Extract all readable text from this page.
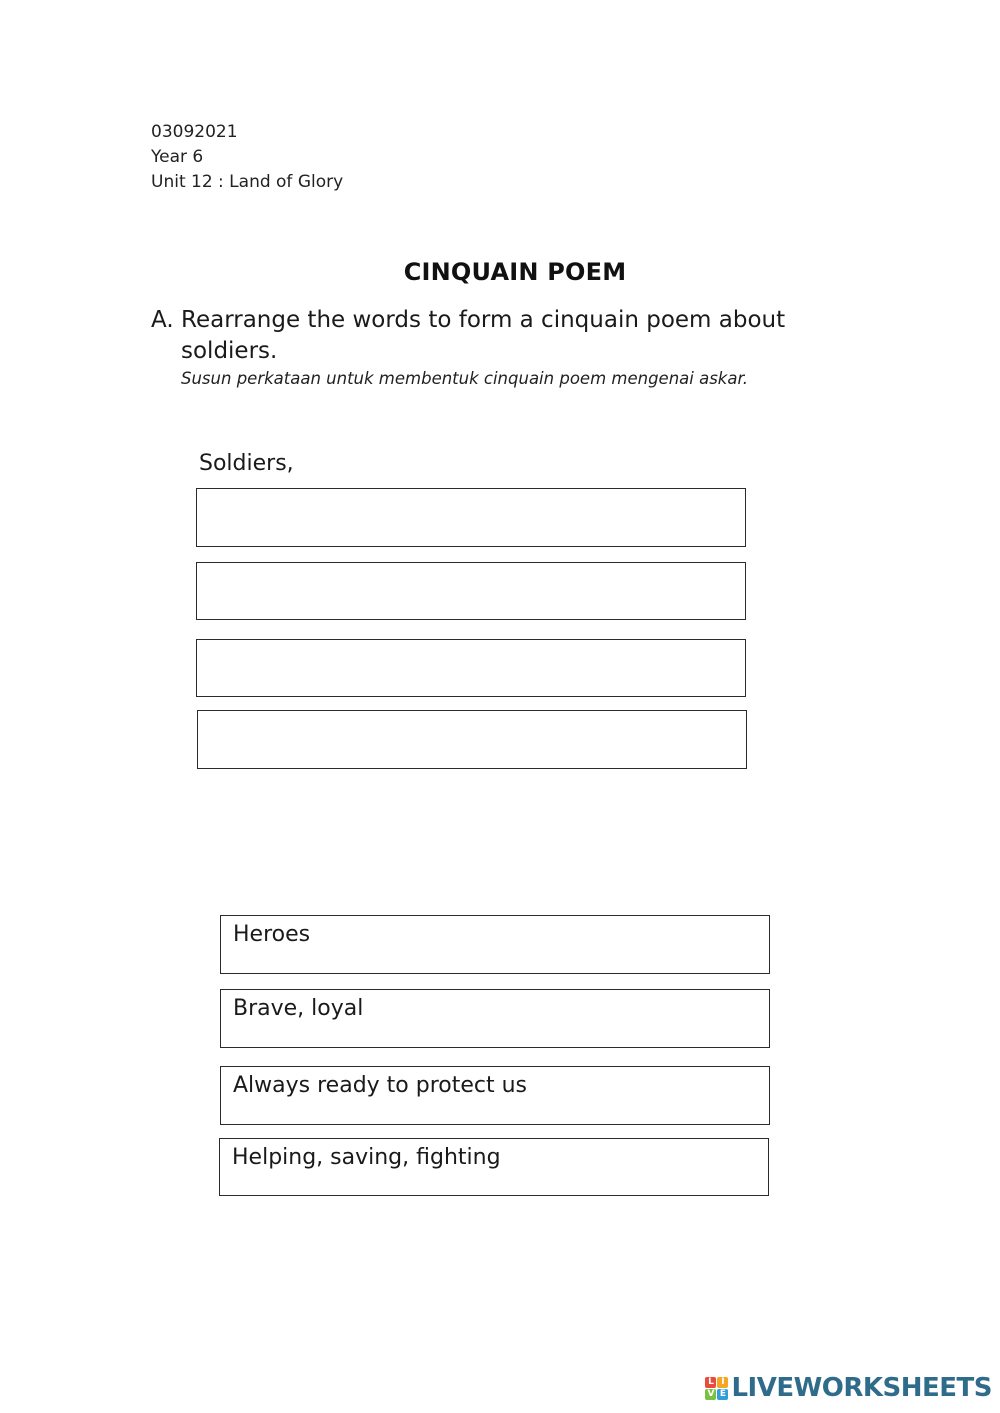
03092021
Year 6
Unit 12 : Land of Glory
CINQUAIN POEM
A. Rearrange the words to form a cinquain poem about soldiers.
Susun perkataan untuk membentuk cinquain poem mengenai askar.
Soldiers,
Heroes
Brave, loyal
Always ready to protect us
Helping, saving, fighting
L I
V E LIVEWORKSHEETS
